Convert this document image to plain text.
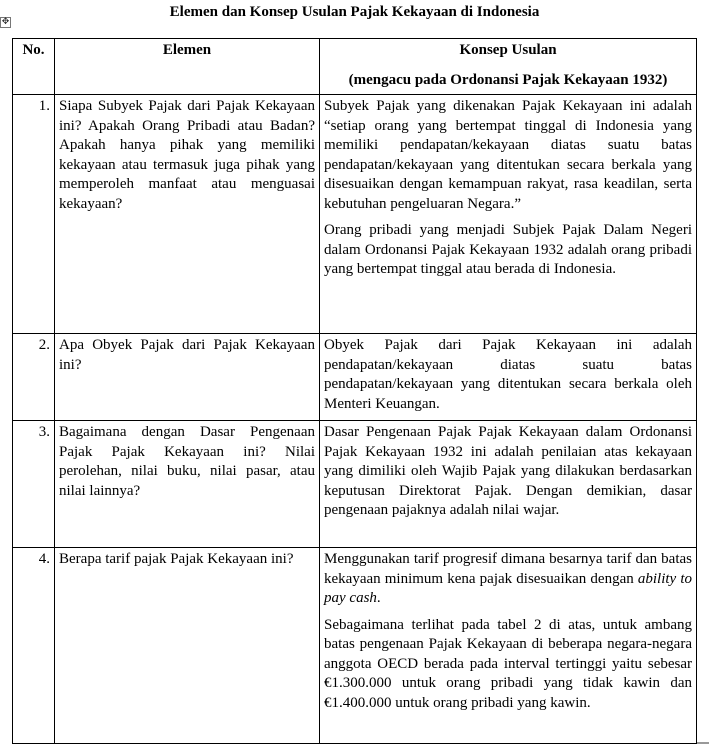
Elemen dan Konsep Usulan Pajak Kekayaan di Indonesia
✥
No.	Elemen	Konsep Usulan
(mengacu pada Ordonansi Pajak Kekayaan 1932)

1.	Siapa Subyek Pajak dari Pajak Kekayaan ini? Apakah Orang Pribadi atau Badan? Apakah hanya pihak yang memiliki kekayaan atau termasuk juga pihak yang memperoleh manfaat atau menguasai kekayaan?	Subyek Pajak yang dikenakan Pajak Kekayaan ini adalah “setiap orang yang bertempat tinggal di Indonesia yang memiliki pendapatan/kekayaan diatas suatu batas pendapatan/kekayaan yang ditentukan secara berkala yang disesuaikan dengan kemampuan rakyat, rasa keadilan, serta kebutuhan pengeluaran Negara.”

Orang pribadi yang menjadi Subjek Pajak Dalam Negeri dalam Ordonansi Pajak Kekayaan 1932 adalah orang pribadi yang bertempat tinggal atau berada di Indonesia.

2.	Apa Obyek Pajak dari Pajak Kekayaan ini?	Obyek Pajak dari Pajak Kekayaan ini adalah pendapatan/kekayaan diatas suatu batas pendapatan/kekayaan yang ditentukan secara berkala oleh Menteri Keuangan.

3.	Bagaimana dengan Dasar Pengenaan Pajak Pajak Kekayaan ini? Nilai perolehan, nilai buku, nilai pasar, atau nilai lainnya?	Dasar Pengenaan Pajak Pajak Kekayaan dalam Ordonansi Pajak Kekayaan 1932 ini adalah penilaian atas kekayaan yang dimiliki oleh Wajib Pajak yang dilakukan berdasarkan keputusan Direktorat Pajak. Dengan demikian, dasar pengenaan pajaknya adalah nilai wajar.

4.	Berapa tarif pajak Pajak Kekayaan ini?	Menggunakan tarif progresif dimana besarnya tarif dan batas kekayaan minimum kena pajak disesuaikan dengan ability to pay cash.

Sebagaimana terlihat pada tabel 2 di atas, untuk ambang batas pengenaan Pajak Kekayaan di beberapa negara-negara anggota OECD berada pada interval tertinggi yaitu sebesar €1.300.000 untuk orang pribadi yang tidak kawin dan €1.400.000 untuk orang pribadi yang kawin.
